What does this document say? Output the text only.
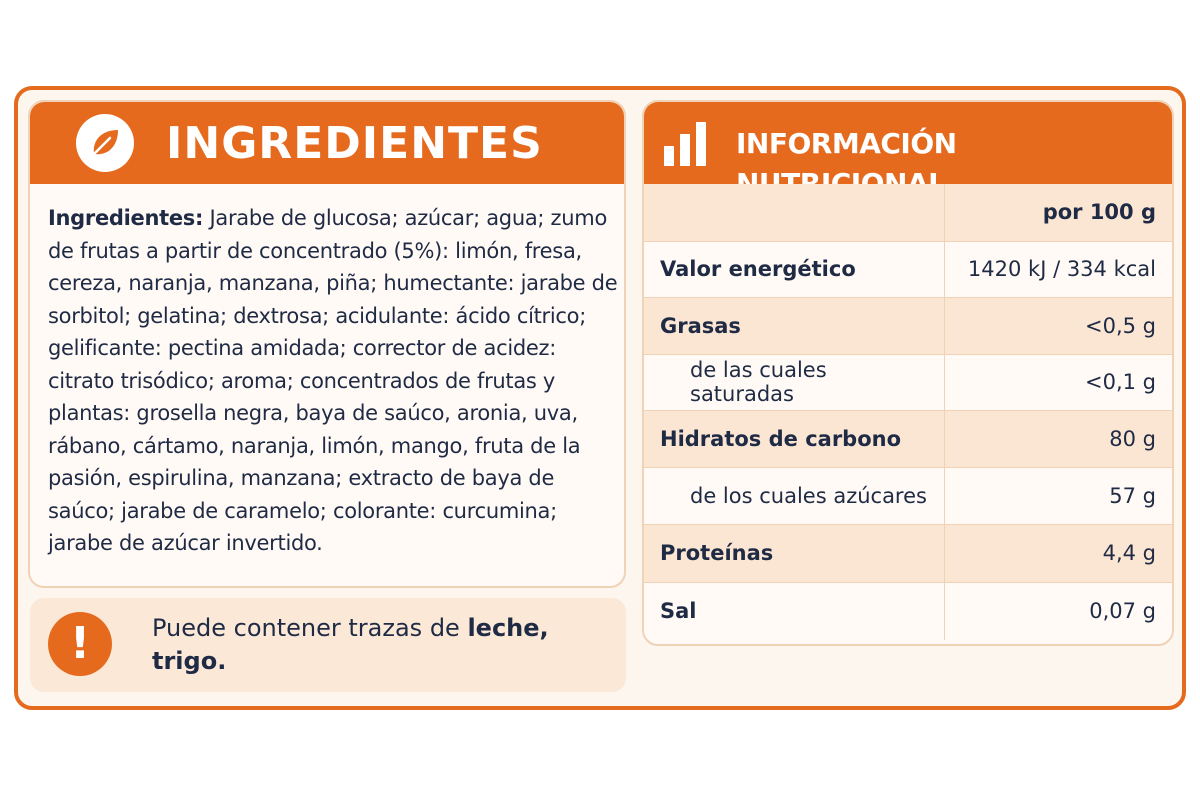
INGREDIENTES

Ingredientes: Jarabe de glucosa; azúcar; agua; zumo de frutas a partir de concentrado (5%): limón, fresa, cereza, naranja, manzana, piña; humectante: jarabe de sorbitol; gelatina; dextrosa; acidulante: ácido cítrico; gelificante: pectina amidada; corrector de acidez: citrato trisódico; aroma; concentrados de frutas y plantas: grosella negra, baya de saúco, aronia, uva, rábano, cártamo, naranja, limón, mango, fruta de la pasión, espirulina, manzana; extracto de baya de saúco; jarabe de caramelo; colorante: curcumina; jarabe de azúcar invertido.

!	Puede contener trazas de leche, trigo.

INFORMACIÓN
	por 100 g
Valor energético	1420 kJ / 334 kcal
Grasas	<0,5 g
de las cuales saturadas	<0,1 g
Hidratos de carbono	80 g
de los cuales azúcares	57 g
Proteínas	4,4 g
Sal	0,07 g
